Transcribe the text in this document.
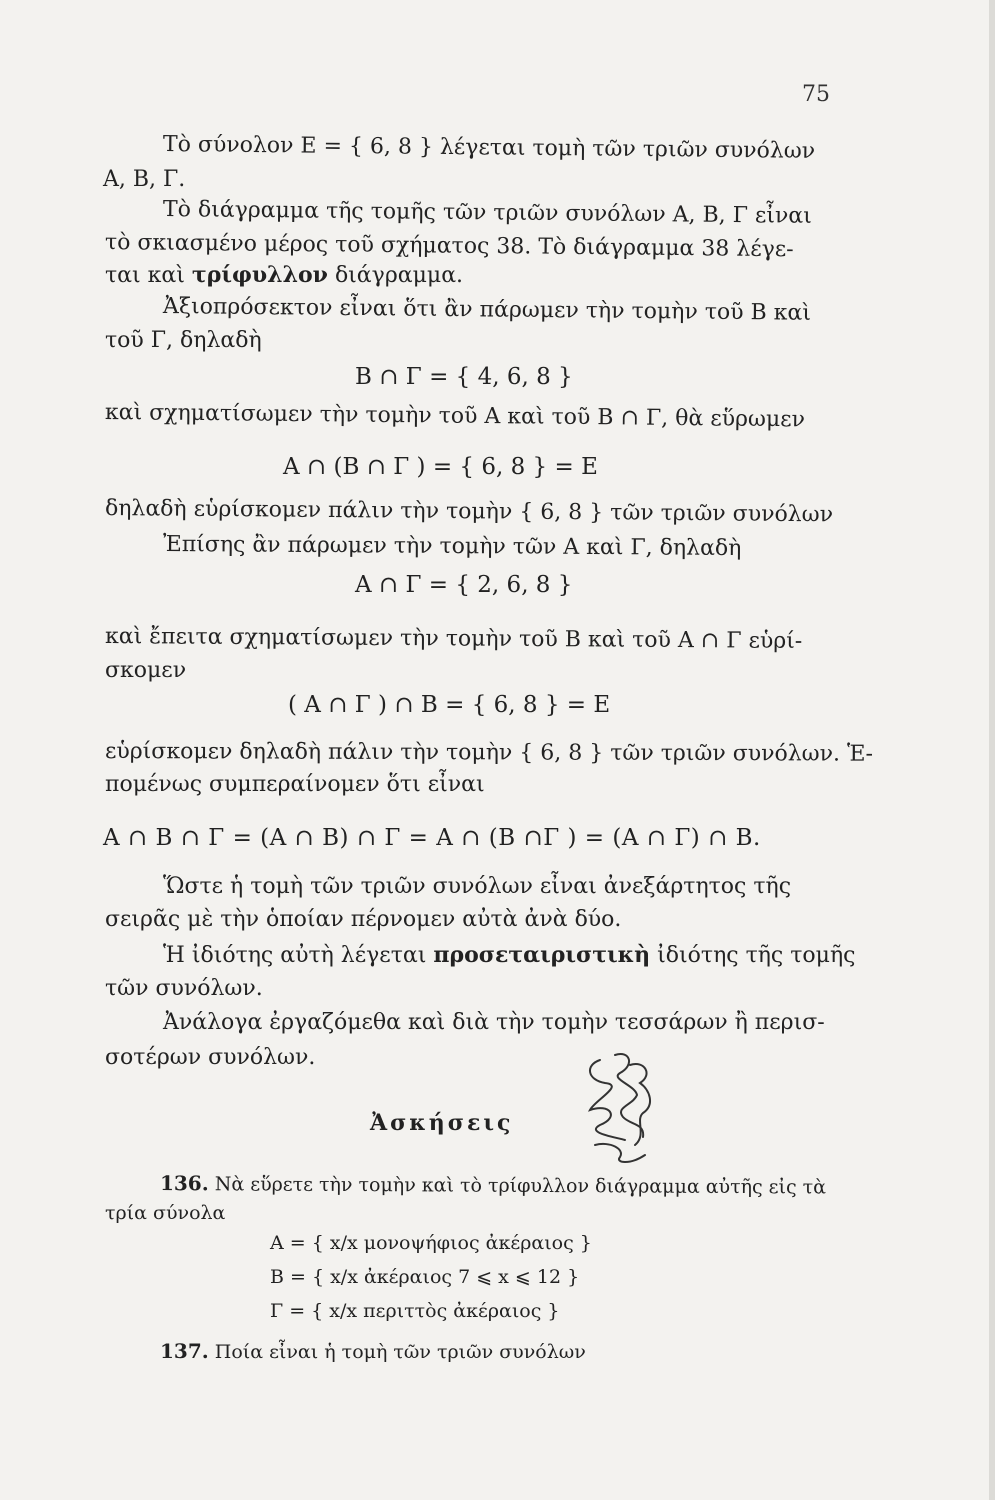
75
Τὸ σύνολον Ε = { 6, 8 } λέγεται τομὴ τῶν τριῶν συνόλων
Α, Β, Γ.
Τὸ διάγραμμα τῆς τομῆς τῶν τριῶν συνόλων Α, Β, Γ εἶναι
τὸ σκιασμένο μέρος τοῦ σχήματος 38. Τὸ διάγραμμα 38 λέγε-
ται καὶ τρίφυλλον διάγραμμα.
Ἀξιοπρόσεκτον εἶναι ὅτι ἂν πάρωμεν τὴν τομὴν τοῦ Β καὶ
τοῦ Γ, δηλαδὴ
Β ∩ Γ = { 4, 6, 8 }
καὶ σχηματίσωμεν τὴν τομὴν τοῦ Α καὶ τοῦ Β ∩ Γ, θὰ εὕρωμεν
Α ∩ (Β ∩ Γ ) = { 6, 8 } = Ε
δηλαδὴ εὑρίσκομεν πάλιν τὴν τομὴν { 6, 8 } τῶν τριῶν συνόλων
Ἐπίσης ἂν πάρωμεν τὴν τομὴν τῶν Α καὶ Γ, δηλαδὴ
Α ∩ Γ = { 2, 6, 8 }
καὶ ἔπειτα σχηματίσωμεν τὴν τομὴν τοῦ Β καὶ τοῦ Α ∩ Γ εὑρί-
σκομεν
( Α ∩ Γ ) ∩ Β = { 6, 8 } = Ε
εὑρίσκομεν δηλαδὴ πάλιν τὴν τομὴν { 6, 8 } τῶν τριῶν συνόλων. Ἑ-
πομένως συμπεραίνομεν ὅτι εἶναι
Α ∩ Β ∩ Γ = (Α ∩ Β) ∩ Γ = Α ∩ (Β ∩Γ ) = (Α ∩ Γ) ∩ Β.
Ὥστε ἡ τομὴ τῶν τριῶν συνόλων εἶναι ἀνεξάρτητος τῆς
σειρᾶς μὲ τὴν ὁποίαν πέρνομεν αὐτὰ ἀνὰ δύο.
Ἡ ἰδιότης αὐτὴ λέγεται προσεταιριστικὴ ἰδιότης τῆς τομῆς
τῶν συνόλων.
Ἀνάλογα ἐργαζόμεθα καὶ διὰ τὴν τομὴν τεσσάρων ἢ περισ-
σοτέρων συνόλων.
Ἀσκήσεις
136. Νὰ εὕρετε τὴν τομὴν καὶ τὸ τρίφυλλον διάγραμμα αὐτῆς εἰς τὰ
τρία σύνολα
Α = { x/x μονοψήφιος ἀκέραιος }
Β = { x/x ἀκέραιος 7 ⩽ x ⩽ 12 }
Γ = { x/x περιττὸς ἀκέραιος }
137. Ποία εἶναι ἡ τομὴ τῶν τριῶν συνόλων
